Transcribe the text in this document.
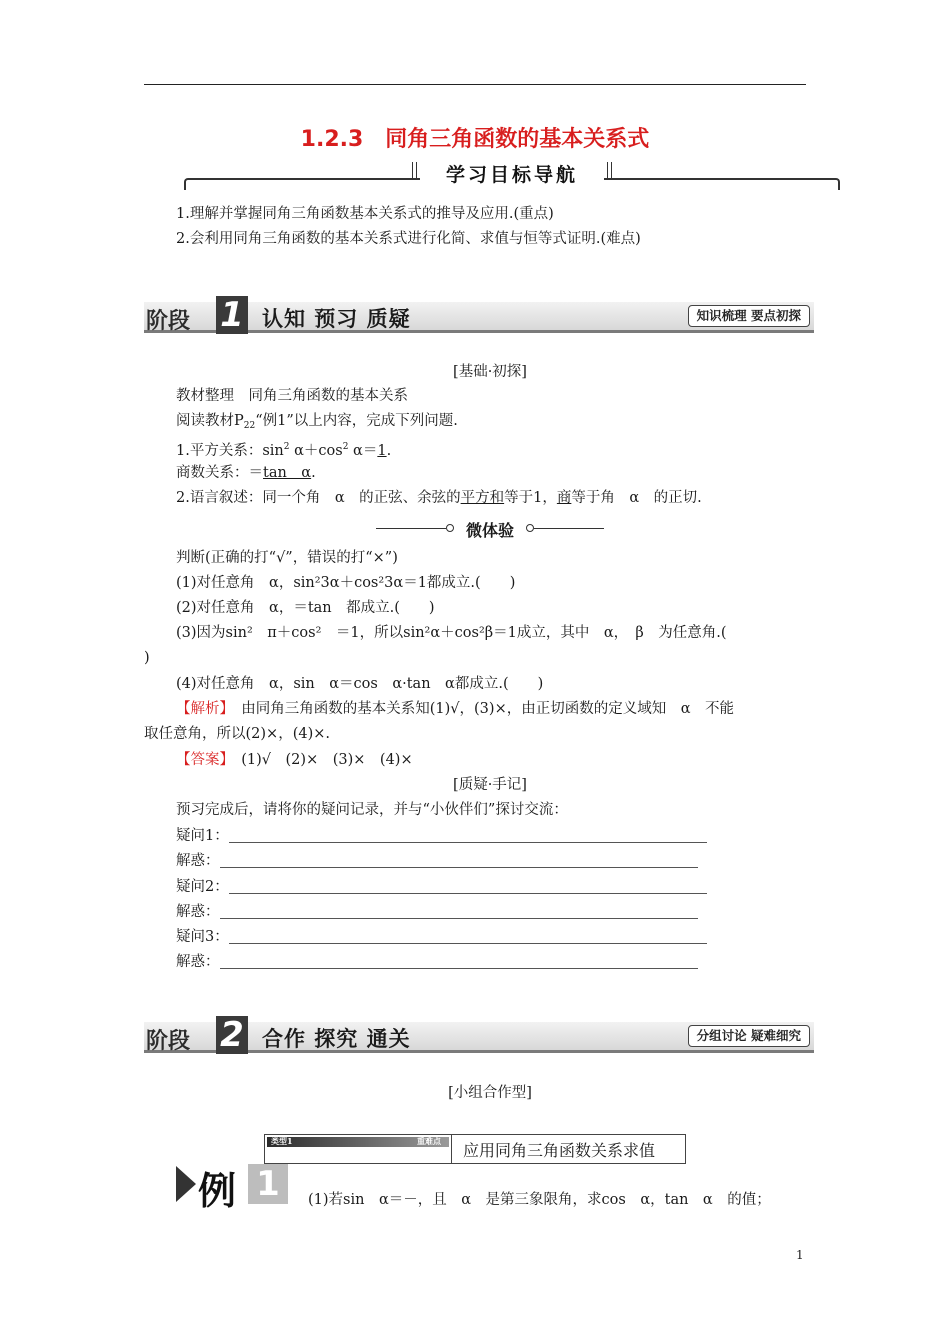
1.2.3　同角三角函数的基本关系式
学习目标导航
1.理解并掌握同角三角函数基本关系式的推导及应用.(重点)
2.会利用同角三角函数的基本关系式进行化简、求值与恒等式证明.(难点)
阶段 1 认知 预习 质疑	知识梳理 要点初探
[基础·初探]
教材整理　同角三角函数的基本关系
阅读教材$P_{22}“$例1”以上内容，完成下列问题.
1.平方关系：$\sin^2 \alpha+\cos^2$ α＝1.
商数关系：＝tan　α.
2.语言叙述：同一个角　α　的正弦、余弦的平方和等于1，商等于角　α　的正切.
微体验
判断(正确的打“√”，错误的打“×”)
(1)对任意角　α，sin²3α＋cos²3α＝1都成立.(　　)
(2)对任意角　α，＝tan　都成立.(　　)
(3)因为sin²　π＋cos²　＝1，所以sin²α＋cos²β＝1成立，其中　α，　β　为任意角.(
)
(4)对任意角　α，sin　α＝cos　α·tan　α都成立.(　　)
【解析】　由同角三角函数的基本关系知(1)√，(3)×，由正切函数的定义域知　α　不能
取任意角，所以(2)×，(4)×.
【答案】　(1)√　(2)×　(3)×　(4)×
[质疑·手记]
预习完成后，请将你的疑问记录，并与“小伙伴们”探讨交流：
疑问1：
解惑：
疑问2：
解惑：
疑问3：
解惑：
阶段 2 合作 探究 通关	分组讨论 疑难细究
[小组合作型]
类型1	重难点 应用同角三角函数关系求值
例 1	(1)若sin　α＝－，且　α　是第三象限角，求cos　α，tan　α　的值；
1
